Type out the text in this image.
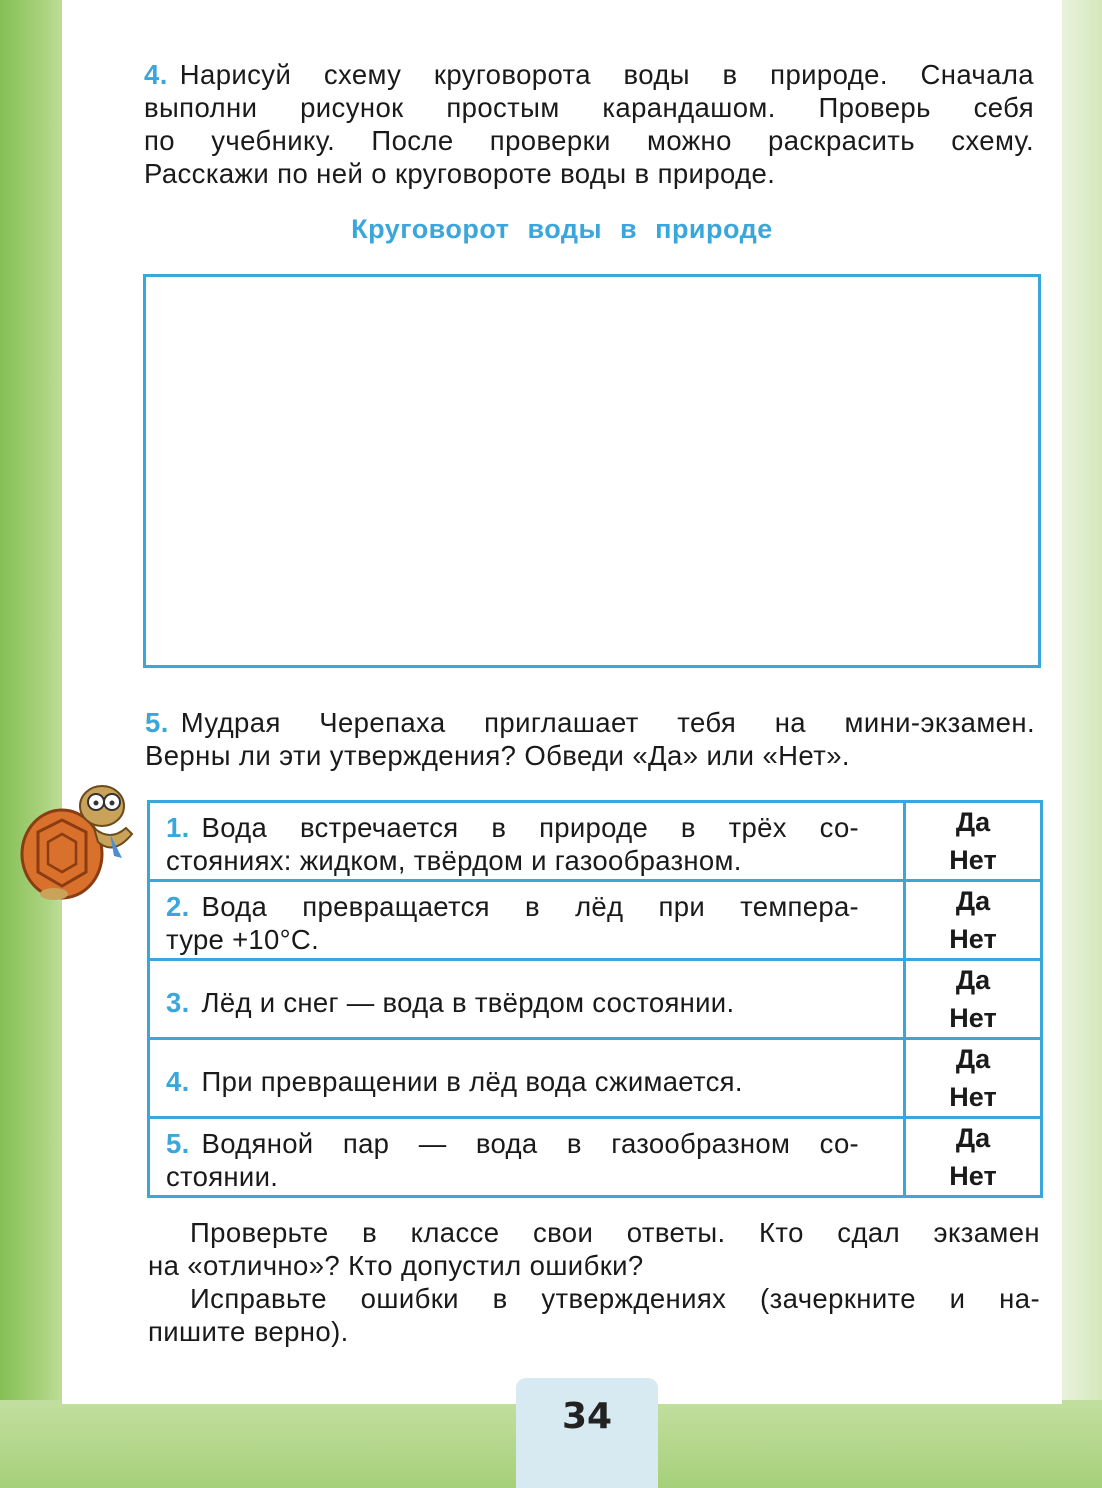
4. Нарисуй схему круговорота воды в природе. Сначала
выполни рисунок простым карандашом. Проверь себя
по учебнику. После проверки можно раскрасить схему.

Расскажи по ней о круговороте воды в природе.
Круговорот воды в природе
5. Мудрая Черепаха приглашает тебя на мини-экзамен.

Верны ли эти утверждения? Обведи «Да» или «Нет».
Проверьте в классе свои ответы. Кто сдал экзамен

на «отлично»? Кто допустил ошибки?
Исправьте ошибки в утверждениях (зачеркните и на-

пишите верно).
1. Вода встречается в природе в трёх со-

стояниях: жидком, твёрдом и газообразном.	Да
Нет

2. Вода превращается в лёд при темпера-

туре +10°С.	Да
Нет

3. Лёд и снег — вода в твёрдом состоянии.	Да
Нет

4. При превращении в лёд вода сжимается.	Да
Нет

5. Водяной пар — вода в газообразном со-

стоянии.	Да
Нет
34
